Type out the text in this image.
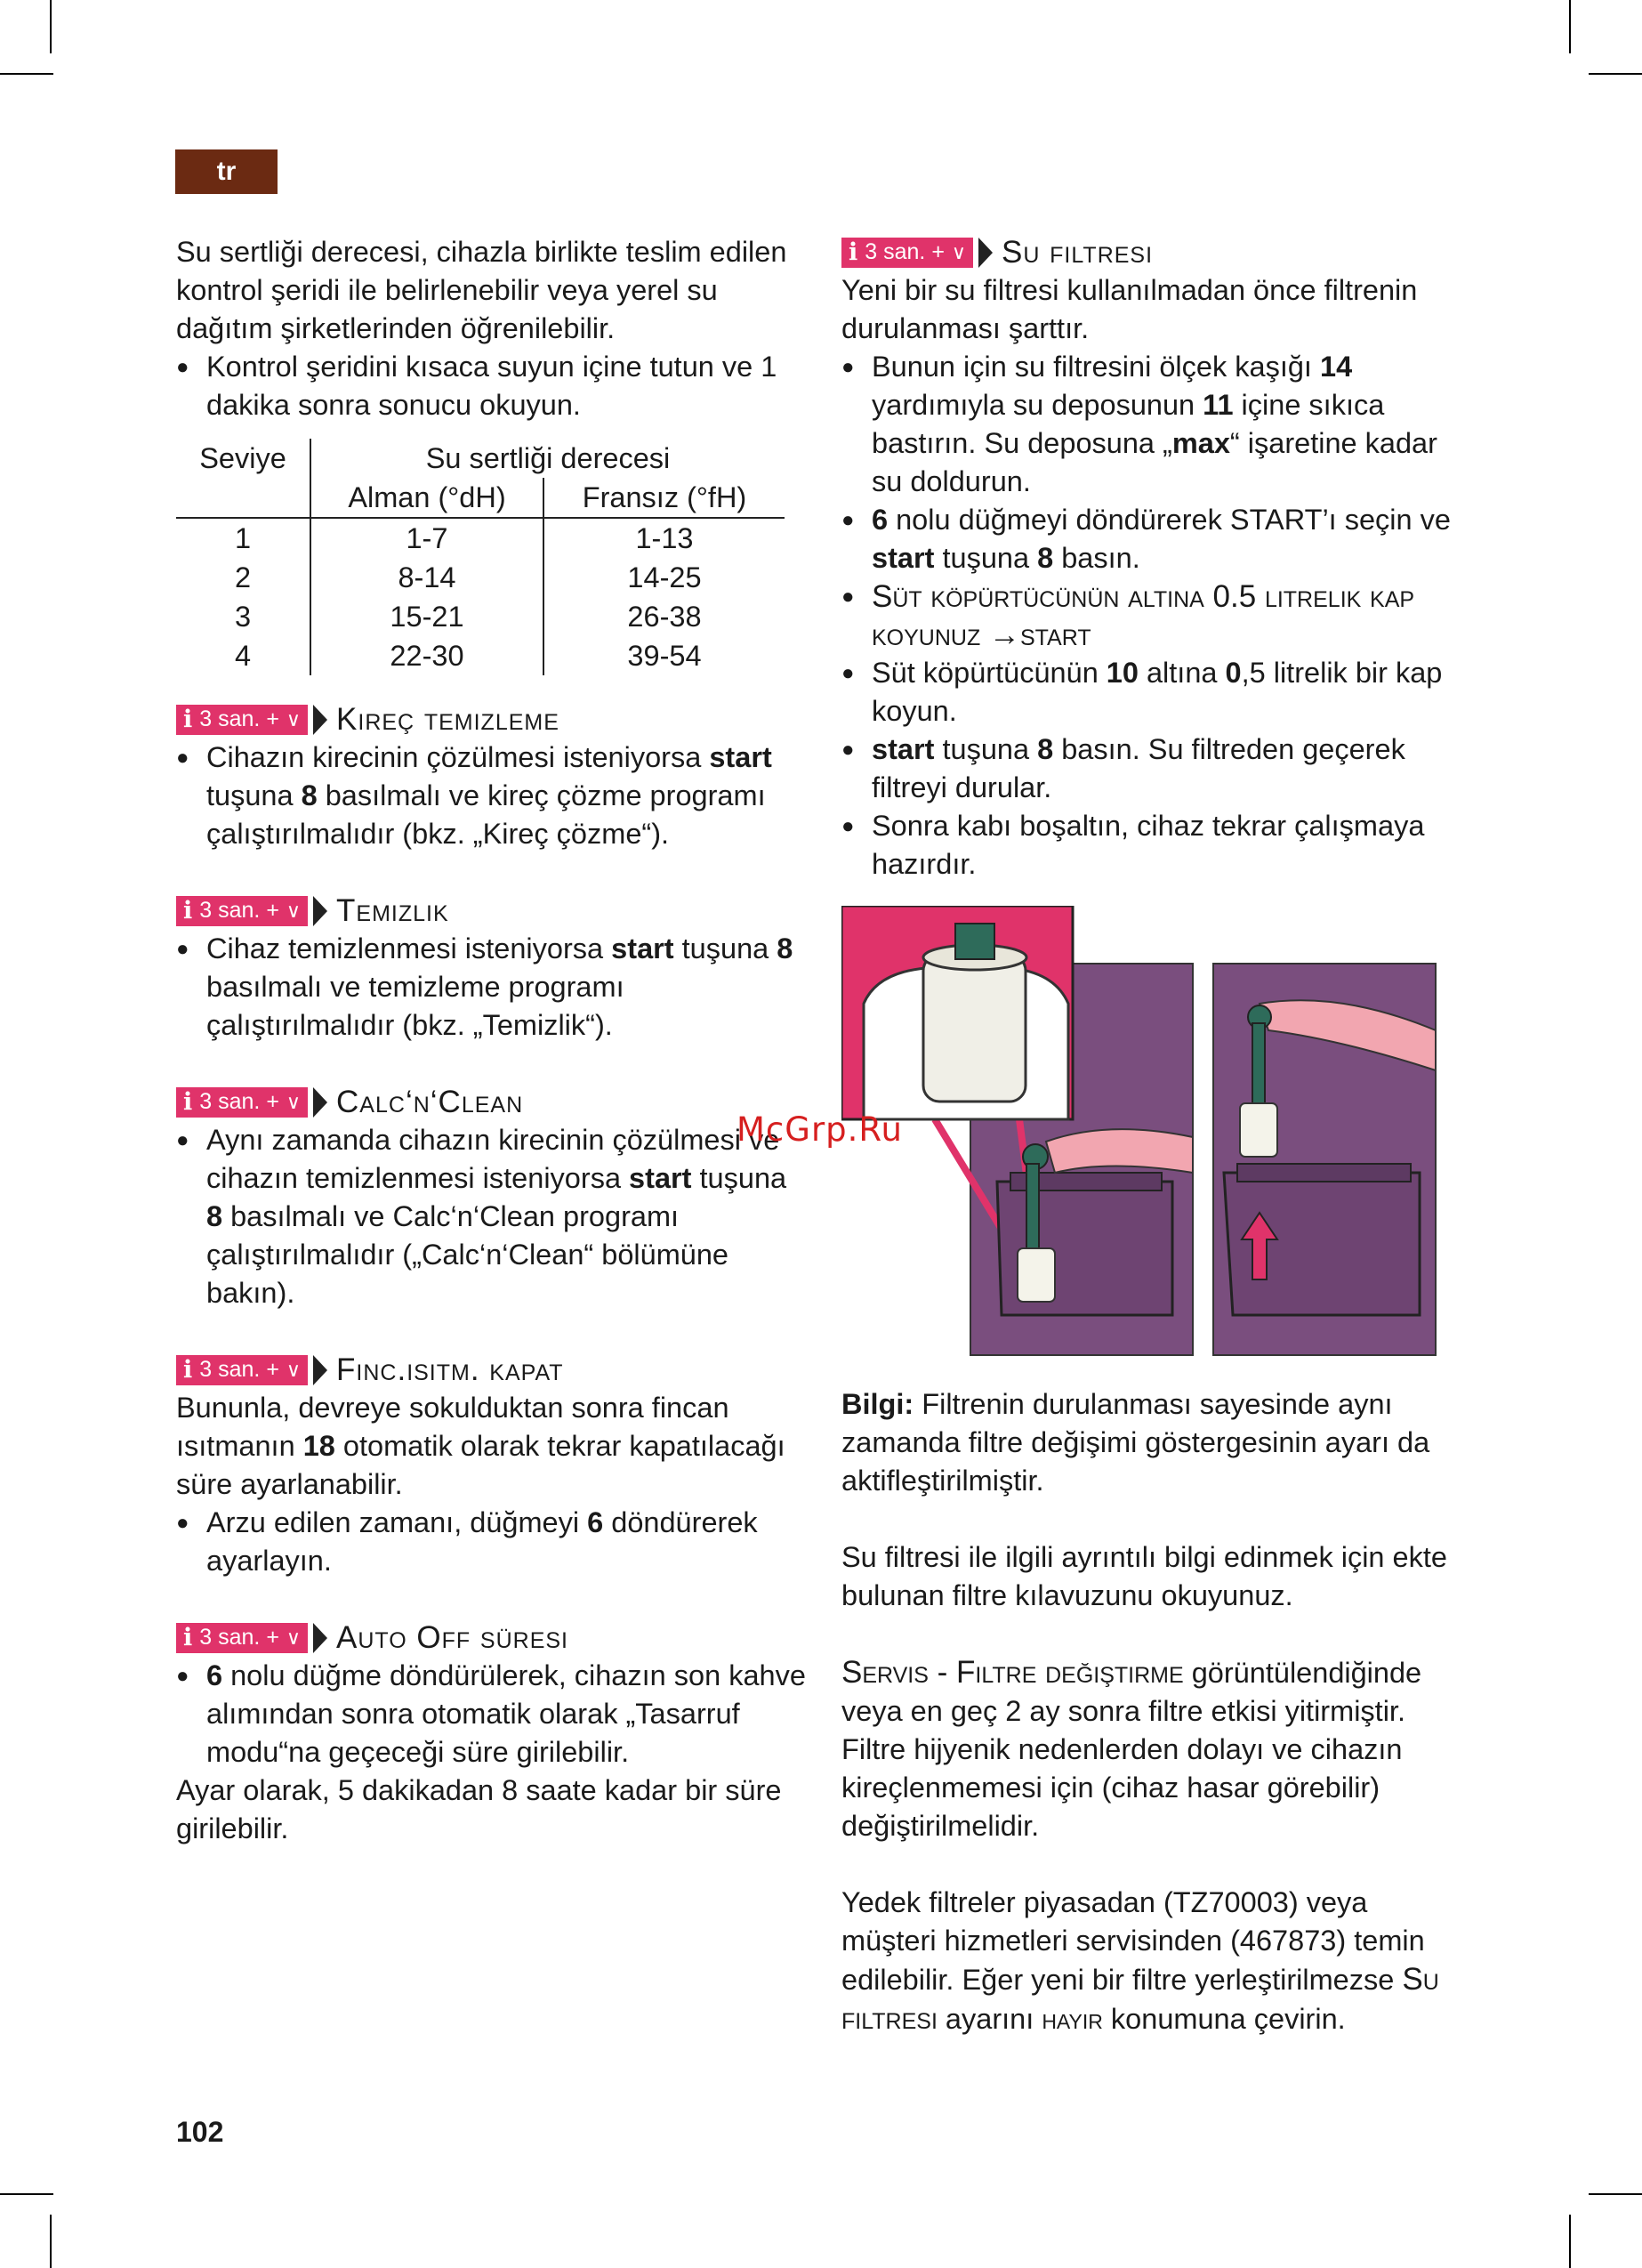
tr

Su sertliği derecesi, cihazla birlikte teslim edilen kontrol şeridi ile belirlenebilir veya yerel su dağıtım şirketlerinden öğrenilebilir.

● Kontrol şeridini kısaca suyun içine tutun ve 1 dakika sonra sonucu okuyun.

Seviye	Su sertliği derecesi	
	Alman (°dH)	Fransız (°fH)
1	1-7	1-13
2	8-14	14-25
3	15-21	26-38
4	22-30	39-54
i 3 san. + ∨ Kireç temizleme

● Cihazın kirecinin çözülmesi isteniyorsa start tuşuna 8 basılmalı ve kireç çözme programı çalıştırılmalıdır (bkz. „Kireç çözme“).

i 3 san. + ∨ Temizlik

● Cihaz temizlenmesi isteniyorsa start tuşuna 8 basılmalı ve temizleme programı çalıştırılmalıdır (bkz. „Temizlik“).

i 3 san. + ∨ Calc‘n‘Clean

● Aynı zamanda cihazın kirecinin çözülmesi ve cihazın temizlenmesi isteniyorsa start tuşuna 8 basılmalı ve Calc‘n‘Clean programı çalıştırılmalıdır („Calc‘n‘Clean“ bölümüne bakın).

i 3 san. + ∨ Finc.ısıtm. kapat

Bununla, devreye sokulduktan sonra fincan ısıtmanın 18 otomatik olarak tekrar kapatılacağı süre ayarlanabilir.

● Arzu edilen zamanı, düğmeyi 6 döndürerek ayarlayın.

i 3 san. + ∨ Auto Off süresi

● 6 nolu düğme döndürülerek, cihazın son kahve alımından sonra otomatik olarak „Tasarruf modu“na geçeceği süre girilebilir.

Ayar olarak, 5 dakikadan 8 saate kadar bir süre girilebilir.

i 3 san. + ∨ Su filtresi

Yeni bir su filtresi kullanılmadan önce filtrenin durulanması şarttır.

● Bunun için su filtresini ölçek kaşığı 14 yardımıyla su deposunun 11 içine sıkıca bastırın. Su deposuna „max“ işaretine kadar su doldurun.

● 6 nolu düğmeyi döndürerek START’ı seçin ve start tuşuna 8 basın.

● Süt köpürtücünün altına 0.5 litrelik kap koyunuz →start

● Süt köpürtücünün 10 altına 0,5 litrelik bir kap koyun.

● start tuşuna 8 basın. Su filtreden geçerek filtreyi durular.

● Sonra kabı boşaltın, cihaz tekrar çalışmaya hazırdır.

Bilgi: Filtrenin durulanması sayesinde aynı zamanda filtre değişimi göstergesinin ayarı da aktifleştirilmiştir.

Su filtresi ile ilgili ayrıntılı bilgi edinmek için ekte bulunan filtre kılavuzunu okuyunuz.

Servis - Filtre değiştirme görüntülendiğinde veya en geç 2 ay sonra filtre etkisi yitirmiştir. Filtre hijyenik nedenlerden dolayı ve cihazın kireçlenmemesi için (cihaz hasar görebilir) değiştirilmelidir.

Yedek filtreler piyasadan (TZ70003) veya müşteri hizmetleri servisinden (467873) temin edilebilir. Eğer yeni bir filtre yerleştirilmezse Su filtresi ayarını hayır konumuna çevirin.

McGrp.Ru
102
